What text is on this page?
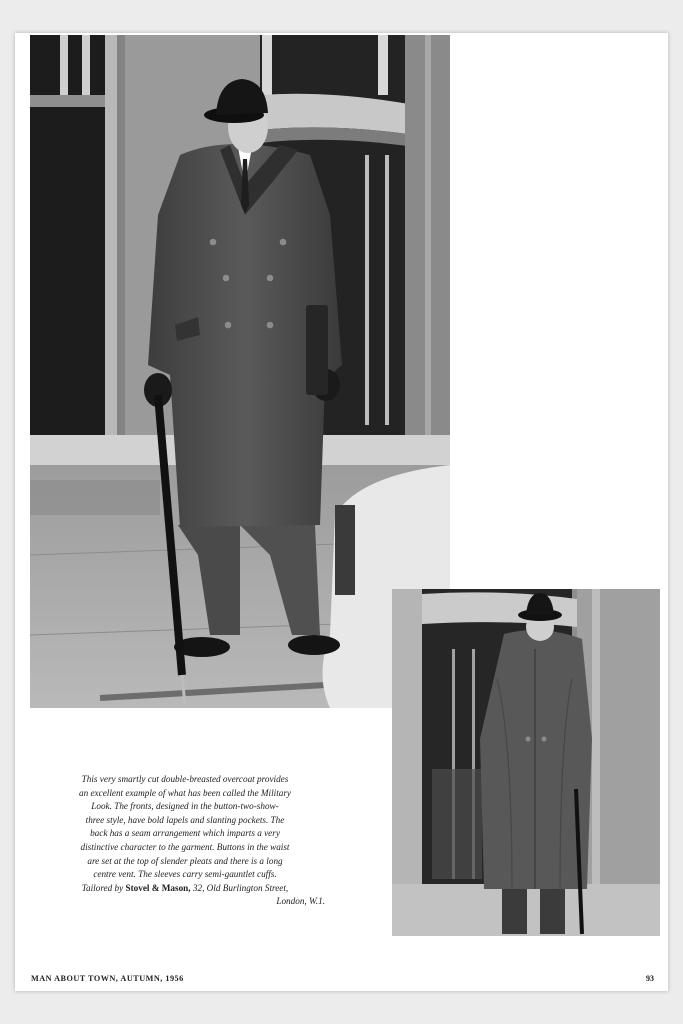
This very smartly cut double-breasted overcoat provides
an excellent example of what has been called the Military
Look. The fronts, designed in the button-two-show-
three style, have bold lapels and slanting pockets. The
back has a seam arrangement which imparts a very
distinctive character to the garment. Buttons in the waist
are set at the top of slender pleats and there is a long
centre vent. The sleeves carry semi-gauntlet cuffs.
Tailored by Stovel & Mason, 32, Old Burlington Street,

London, W.1.
MAN ABOUT TOWN, AUTUMN, 1956	93
